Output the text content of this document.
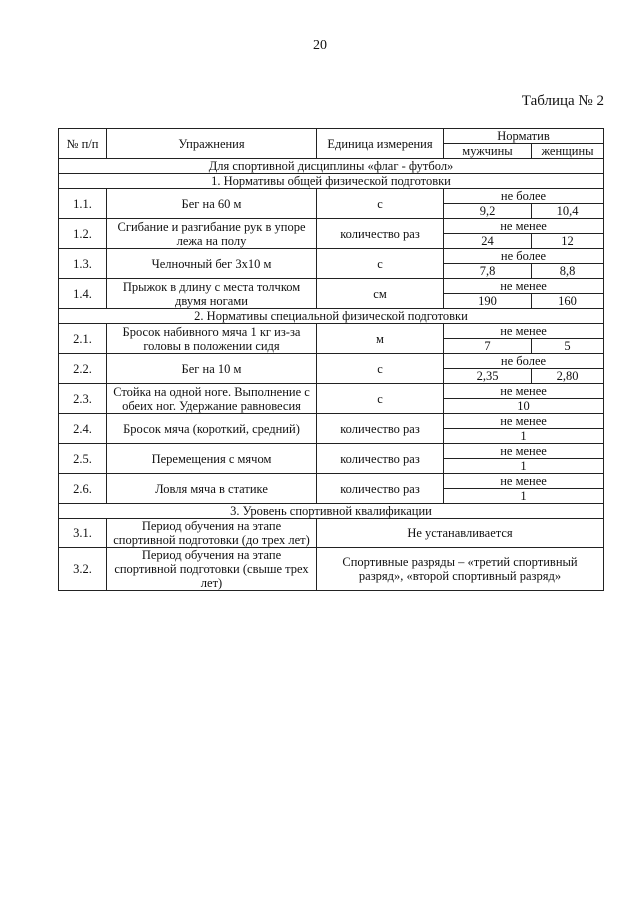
20
Таблица № 2
№ п/п	Упражнения	Единица измерения	Норматив	
			мужчины	женщины
Для спортивной дисциплины «флаг - футбол»				
1. Нормативы общей физической подготовки				
1.1.	Бег на 60 м	с	не более	
			9,2	10,4
1.2.	Сгибание и разгибание рук в упоре лежа на полу	количество раз	не менее	
			24	12
1.3.	Челночный бег 3х10 м	с	не более	
			7,8	8,8
1.4.	Прыжок в длину с места толчком двумя ногами	см	не менее	
			190	160
2. Нормативы специальной физической подготовки				
2.1.	Бросок набивного мяча 1 кг из-за головы в положении сидя	м	не менее	
			7	5
2.2.	Бег на 10 м	с	не более	
			2,35	2,80
2.3.	Стойка на одной ноге. Выполнение с обеих ног. Удержание равновесия	с	не менее	
			10	
2.4.	Бросок мяча (короткий, средний)	количество раз	не менее	
			1	
2.5.	Перемещения с мячом	количество раз	не менее	
			1	
2.6.	Ловля мяча в статике	количество раз	не менее	
			1	
3. Уровень спортивной квалификации				
3.1.	Период обучения на этапе спортивной подготовки (до трех лет)	Не устанавливается		
3.2.	Период обучения на этапе спортивной подготовки (свыше трех лет)	Спортивные разряды – «третий спортивный разряд», «второй спортивный разряд»		
